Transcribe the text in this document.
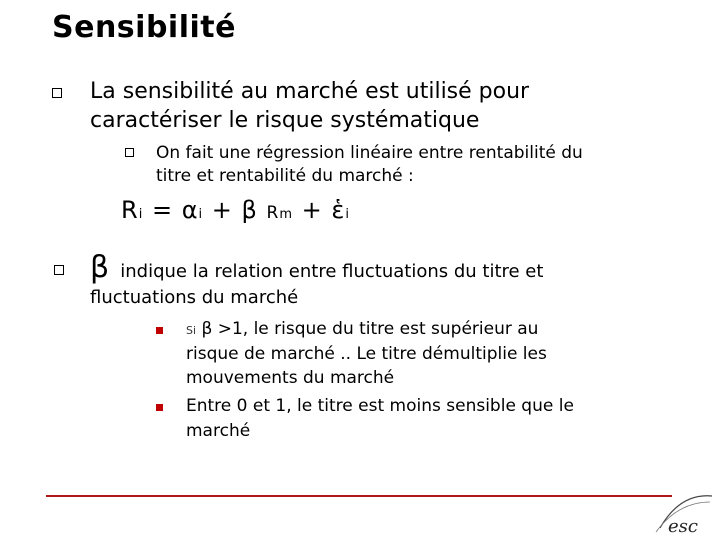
Sensibilité
La sensibilité au marché est utilisé pour
caractériser le risque systématique
On fait une régression linéaire entre rentabilité du
titre et rentabilité du marché :
Ri = αi + β Rm + ἑi
β indique la relation entre fluctuations du titre et
fluctuations du marché
Si β >1, le risque du titre est supérieur au
risque de marché .. Le titre démultiplie les
mouvements du marché
Entre 0 et 1, le titre est moins sensible que le
marché
esc
